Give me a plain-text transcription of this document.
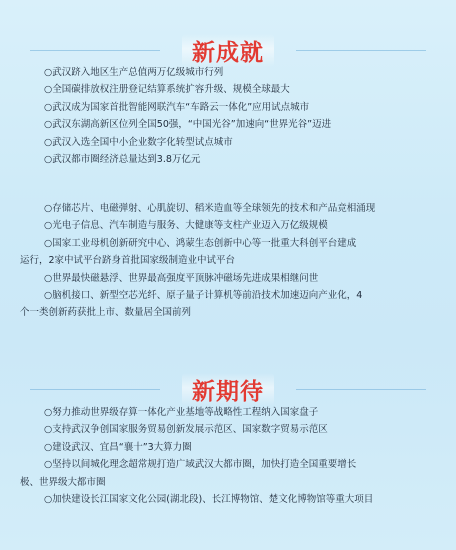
新成就
○武汉跻入地区生产总值两万亿级城市行列
○全国碳排放权注册登记结算系统扩容升级、规模全球最大
○武汉成为国家首批智能网联汽车“车路云一体化”应用试点城市
○武汉东湖高新区位列全国50强，“中国光谷”加速向“世界光谷”迈进
○武汉入选全国中小企业数字化转型试点城市
○武汉都市圈经济总量达到3.8万亿元
○存储芯片、电磁弹射、心肌旋切、稻米造血等全球领先的技术和产品竞相涌现
○光电子信息、汽车制造与服务、大健康等支柱产业迈入万亿级规模
○国家工业母机创新研究中心、鸿蒙生态创新中心等一批重大科创平台建成
运行，2家中试平台跻身首批国家级制造业中试平台
○世界最快磁悬浮、世界最高强度平顶脉冲磁场先进成果相继问世
○脑机接口、新型空芯光纤、原子量子计算机等前沿技术加速迈向产业化，4
个一类创新药获批上市、数量居全国前列
新期待
○努力推动世界级存算一体化产业基地等战略性工程纳入国家盘子
○支持武汉争创国家服务贸易创新发展示范区、国家数字贸易示范区
○建设武汉、宜昌“襄十”3大算力圈
○坚持以间城化理念超常规打造广域武汉大都市圈，加快打造全国重要增长
极、世界级大都市圈
○加快建设长江国家文化公园(湖北段)、长江博物馆、楚文化博物馆等重大项目
